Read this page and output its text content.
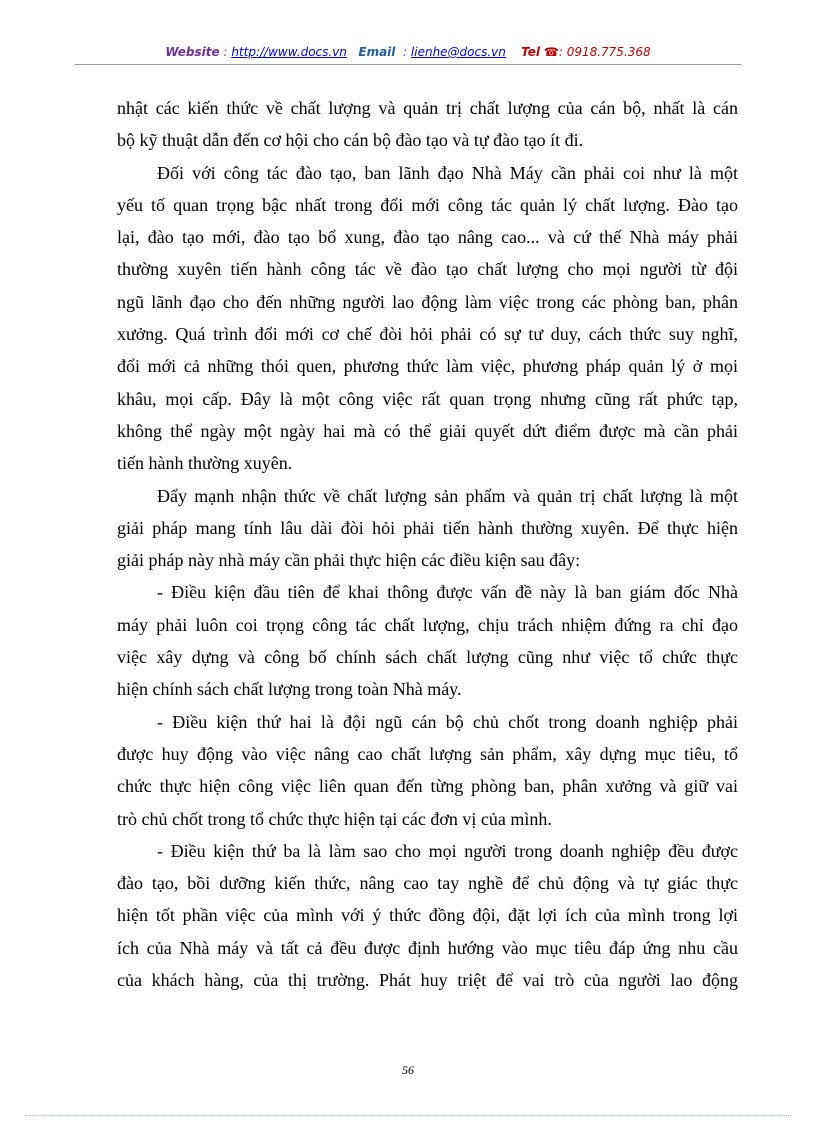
Website : http://www.docs.vn Email  : lienhe@docs.vn Tel ☎: 0918.775.368
nhật các kiến thức về chất lượng và quản trị chất lượng của cán bộ, nhất là cán
bộ kỹ thuật dẫn đến cơ hội cho cán bộ đào tạo và tự đào tạo ít đi.
Đối với công tác đào tạo, ban lãnh đạo Nhà Máy cần phải coi như là một
yếu tố quan trọng bậc nhất trong đổi mới công tác quản lý chất lượng. Đào tạo
lại, đào tạo mới, đào tạo bổ xung, đào tạo nâng cao... và cứ thế Nhà máy phải
thường xuyên tiến hành công tác về đào tạo chất lượng cho mọi người từ đội
ngũ lãnh đạo cho đến những người lao động làm việc trong các phòng ban, phân
xưởng. Quá trình đổi mới cơ chế đòi hỏi phải có sự tư duy, cách thức suy nghĩ,
đổi mới cả những thói quen, phương thức làm việc, phương pháp quản lý ở mọi
khâu, mọi cấp. Đây là một công việc rất quan trọng nhưng cũng rất phức tạp,
không thể ngày một ngày hai mà có thể giải quyết dứt điểm được mà cần phải
tiến hành thường xuyên.
Đẩy mạnh nhận thức về chất lượng sản phẩm và quản trị chất lượng là một
giải pháp mang tính lâu dài đòi hỏi phải tiến hành thường xuyên. Để thực hiện
giải pháp này nhà máy cần phải thực hiện các điều kiện sau đây:
- Điều kiện đầu tiên để khai thông được vấn đề này là ban giám đốc Nhà
máy phải luôn coi trọng công tác chất lượng, chịu trách nhiệm đứng ra chỉ đạo
việc xây dựng và công bố chính sách chất lượng cũng như việc tổ chức thực
hiện chính sách chất lượng trong toàn Nhà máy.
- Điều kiện thứ hai là đội ngũ cán bộ chủ chốt trong doanh nghiệp phải
được huy động vào việc nâng cao chất lượng sản phẩm, xây dựng mục tiêu, tổ
chức thực hiện công việc liên quan đến từng phòng ban, phân xưởng và giữ vai
trò chủ chốt trong tổ chức thực hiện tại các đơn vị của mình.
- Điều kiện thứ ba là làm sao cho mọi người trong doanh nghiệp đều được
đào tạo, bồi dưỡng kiến thức, nâng cao tay nghề để chủ động và tự giác thực
hiện tốt phần việc của mình với ý thức đồng đội, đặt lợi ích của mình trong lợi
ích của Nhà máy và tất cả đều được định hướng vào mục tiêu đáp ứng nhu cầu
của khách hàng, của thị trường. Phát huy triệt để vai trò của người lao động
56
